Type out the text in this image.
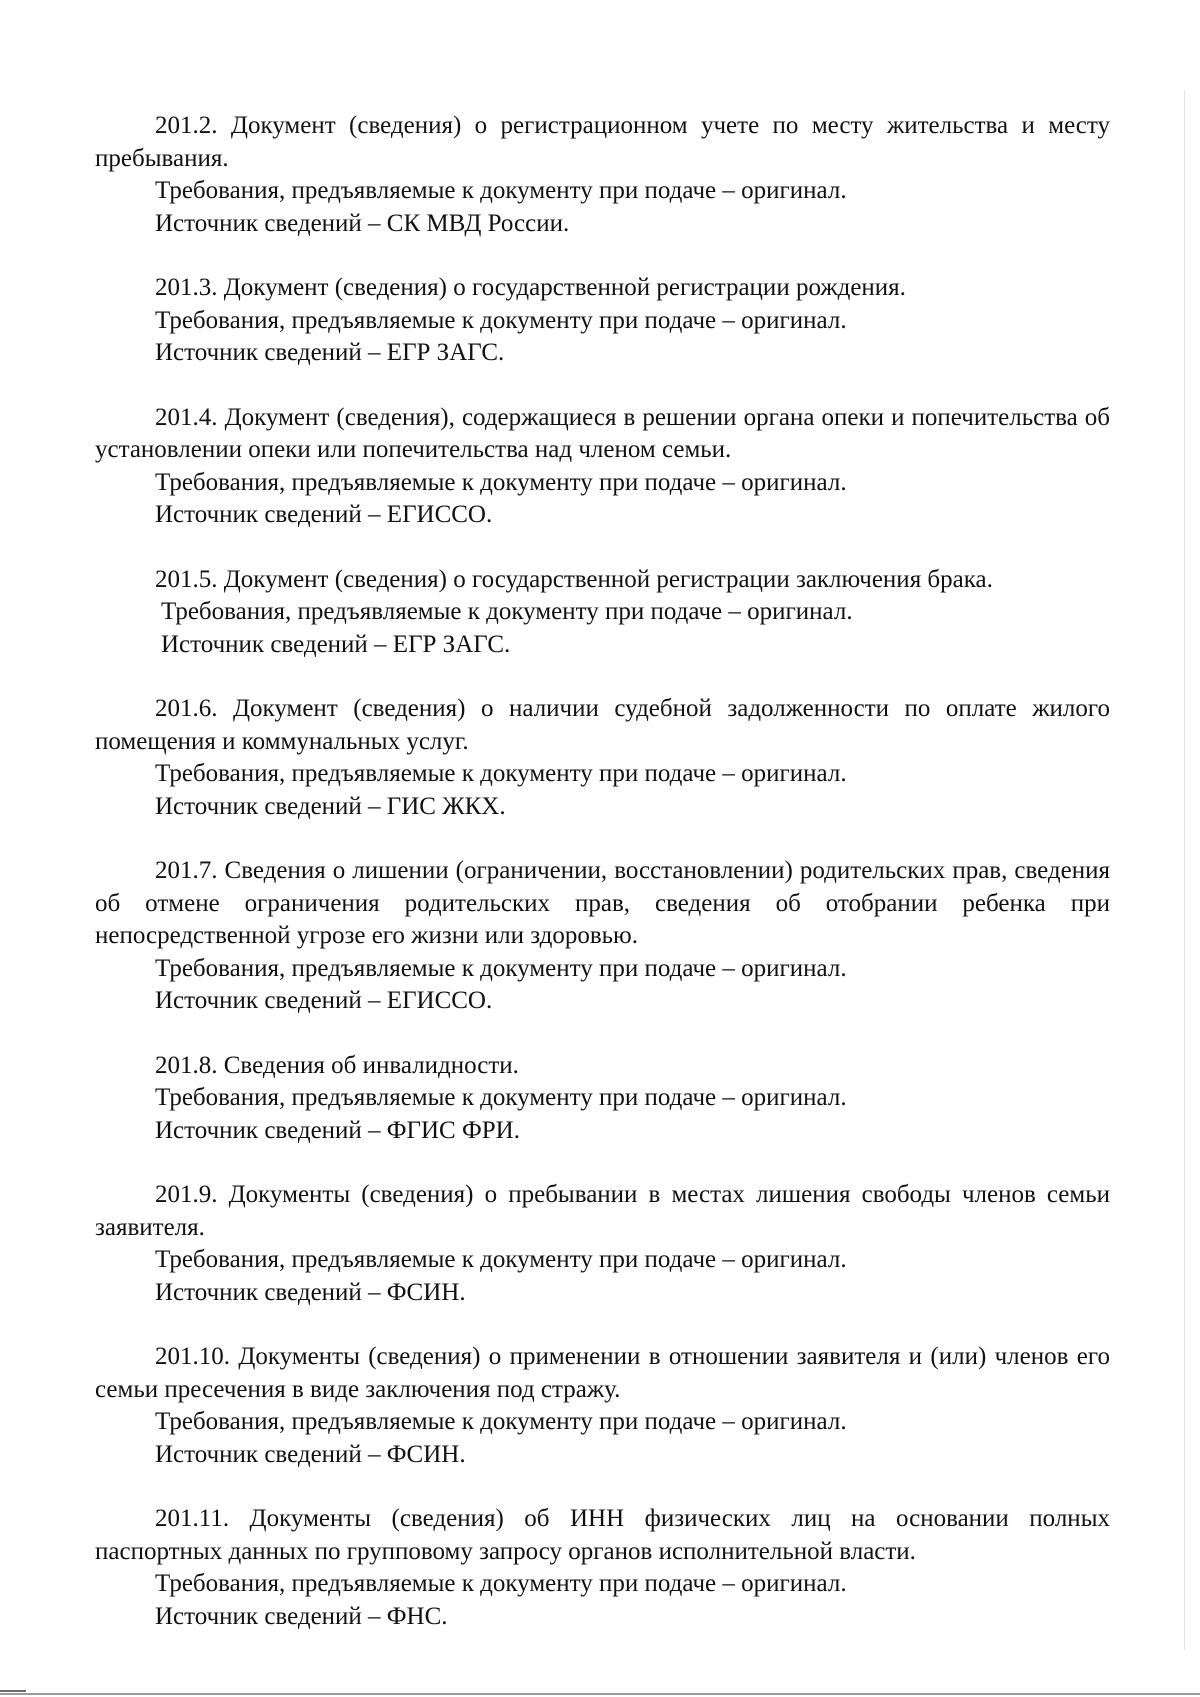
201.2. Документ (сведения) о регистрационном учете по месту жительства и месту пребывания.

Требования, предъявляемые к документу при подаче – оригинал.

Источник сведений – СК МВД России.

201.3. Документ (сведения) о государственной регистрации рождения.

Требования, предъявляемые к документу при подаче – оригинал.

Источник сведений – ЕГР ЗАГС.

201.4. Документ (сведения), содержащиеся в решении органа опеки и попечительства об установлении опеки или попечительства над членом семьи.

Требования, предъявляемые к документу при подаче – оригинал.

Источник сведений – ЕГИССО.

201.5. Документ (сведения) о государственной регистрации заключения брака.

Требования, предъявляемые к документу при подаче – оригинал.

Источник сведений – ЕГР ЗАГС.

201.6. Документ (сведения) о наличии судебной задолженности по оплате жилого помещения и коммунальных услуг.

Требования, предъявляемые к документу при подаче – оригинал.

Источник сведений – ГИС ЖКХ.

201.7. Сведения о лишении (ограничении, восстановлении) родительских прав, сведения об отмене ограничения родительских прав, сведения об отобрании ребенка при непосредственной угрозе его жизни или здоровью.

Требования, предъявляемые к документу при подаче – оригинал.

Источник сведений – ЕГИССО.

201.8. Сведения об инвалидности.

Требования, предъявляемые к документу при подаче – оригинал.

Источник сведений – ФГИС ФРИ.

201.9. Документы (сведения) о пребывании в местах лишения свободы членов семьи заявителя.

Требования, предъявляемые к документу при подаче – оригинал.

Источник сведений – ФСИН.

201.10. Документы (сведения) о применении в отношении заявителя и (или) членов его семьи пресечения в виде заключения под стражу.

Требования, предъявляемые к документу при подаче – оригинал.

Источник сведений – ФСИН.

201.11. Документы (сведения) об ИНН физических лиц на основании полных паспортных данных по групповому запросу органов исполнительной власти.

Требования, предъявляемые к документу при подаче – оригинал.

Источник сведений – ФНС.
